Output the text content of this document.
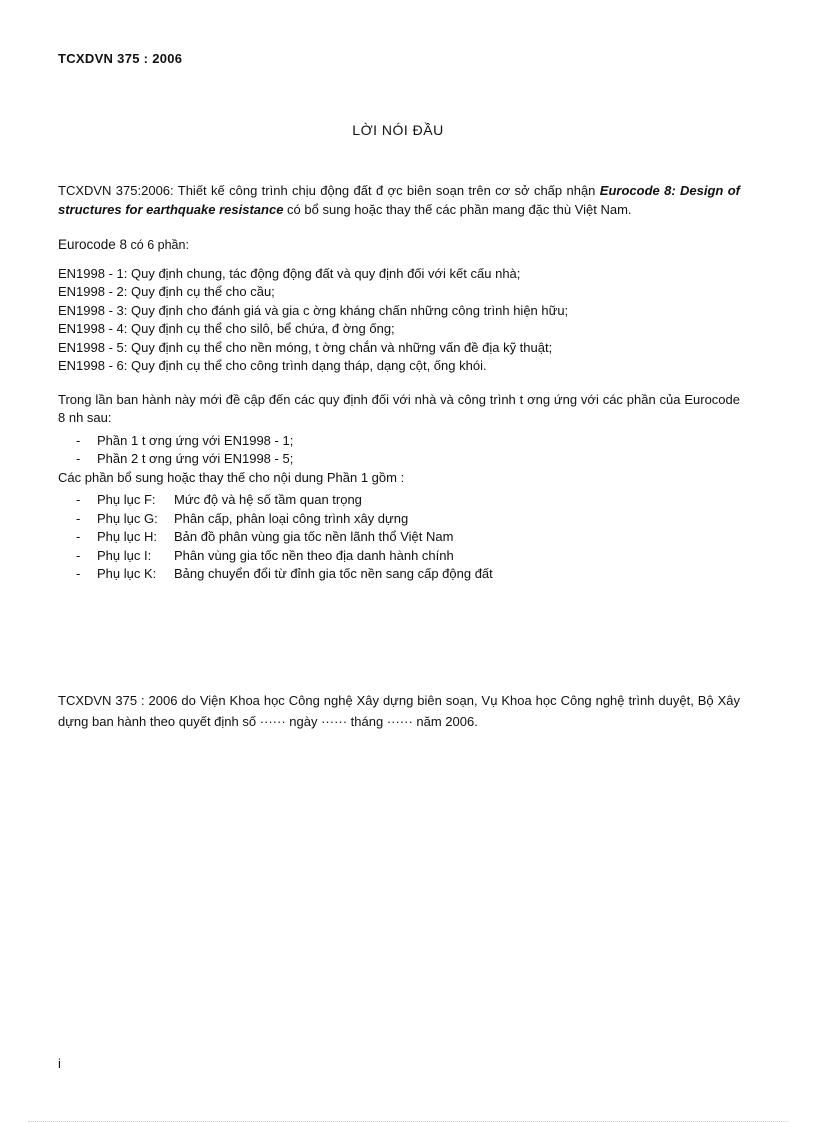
TCXDVN 375 : 2006
LỜI NÓI ĐẦU

TCXDVN 375:2006: Thiết kế công trình chịu động đất đ ợc biên soạn trên cơ sở chấp nhận Eurocode 8: Design of structures for earthquake resistance có bổ sung hoặc thay thế các phần mang đặc thù Việt Nam.

Eurocode 8 có 6 phần:

EN1998 - 1: Quy định chung, tác động động đất và quy định đối với kết cấu nhà;

EN1998 - 2: Quy định cụ thể cho cầu;

EN1998 - 3: Quy định cho đánh giá và gia c ờng kháng chấn những công trình hiện hữu;

EN1998 - 4: Quy định cụ thể cho silô, bể chứa, đ ờng ống;

EN1998 - 5: Quy định cụ thể cho nền móng, t ờng chắn và những vấn đề địa kỹ thuật;

EN1998 - 6: Quy định cụ thể cho công trình dạng tháp, dạng cột, ống khói.

Trong lần ban hành này mới đề cập đến các quy định đối với nhà và công trình t ơng ứng với các phần của Eurocode 8 nh sau:

- Phần 1 t ơng ứng với EN1998 - 1;
- Phần 2 t ơng ứng với EN1998 - 5;

Các phần bổ sung hoặc thay thế cho nội dung Phần 1 gồm :

- Phụ lục F: Mức độ và hệ số tầm quan trọng
- Phụ lục G: Phân cấp, phân loại công trình xây dựng
- Phụ lục H: Bản đồ phân vùng gia tốc nền lãnh thổ Việt Nam
- Phụ lục I: Phân vùng gia tốc nền theo địa danh hành chính
- Phụ lục K: Bảng chuyển đổi từ đỉnh gia tốc nền sang cấp động đất

TCXDVN 375 : 2006 do Viện Khoa học Công nghệ Xây dựng biên soạn, Vụ Khoa học Công nghệ trình duyệt, Bộ Xây dựng ban hành theo quyết định số ······ ngày ······ tháng ······ năm 2006.

i
